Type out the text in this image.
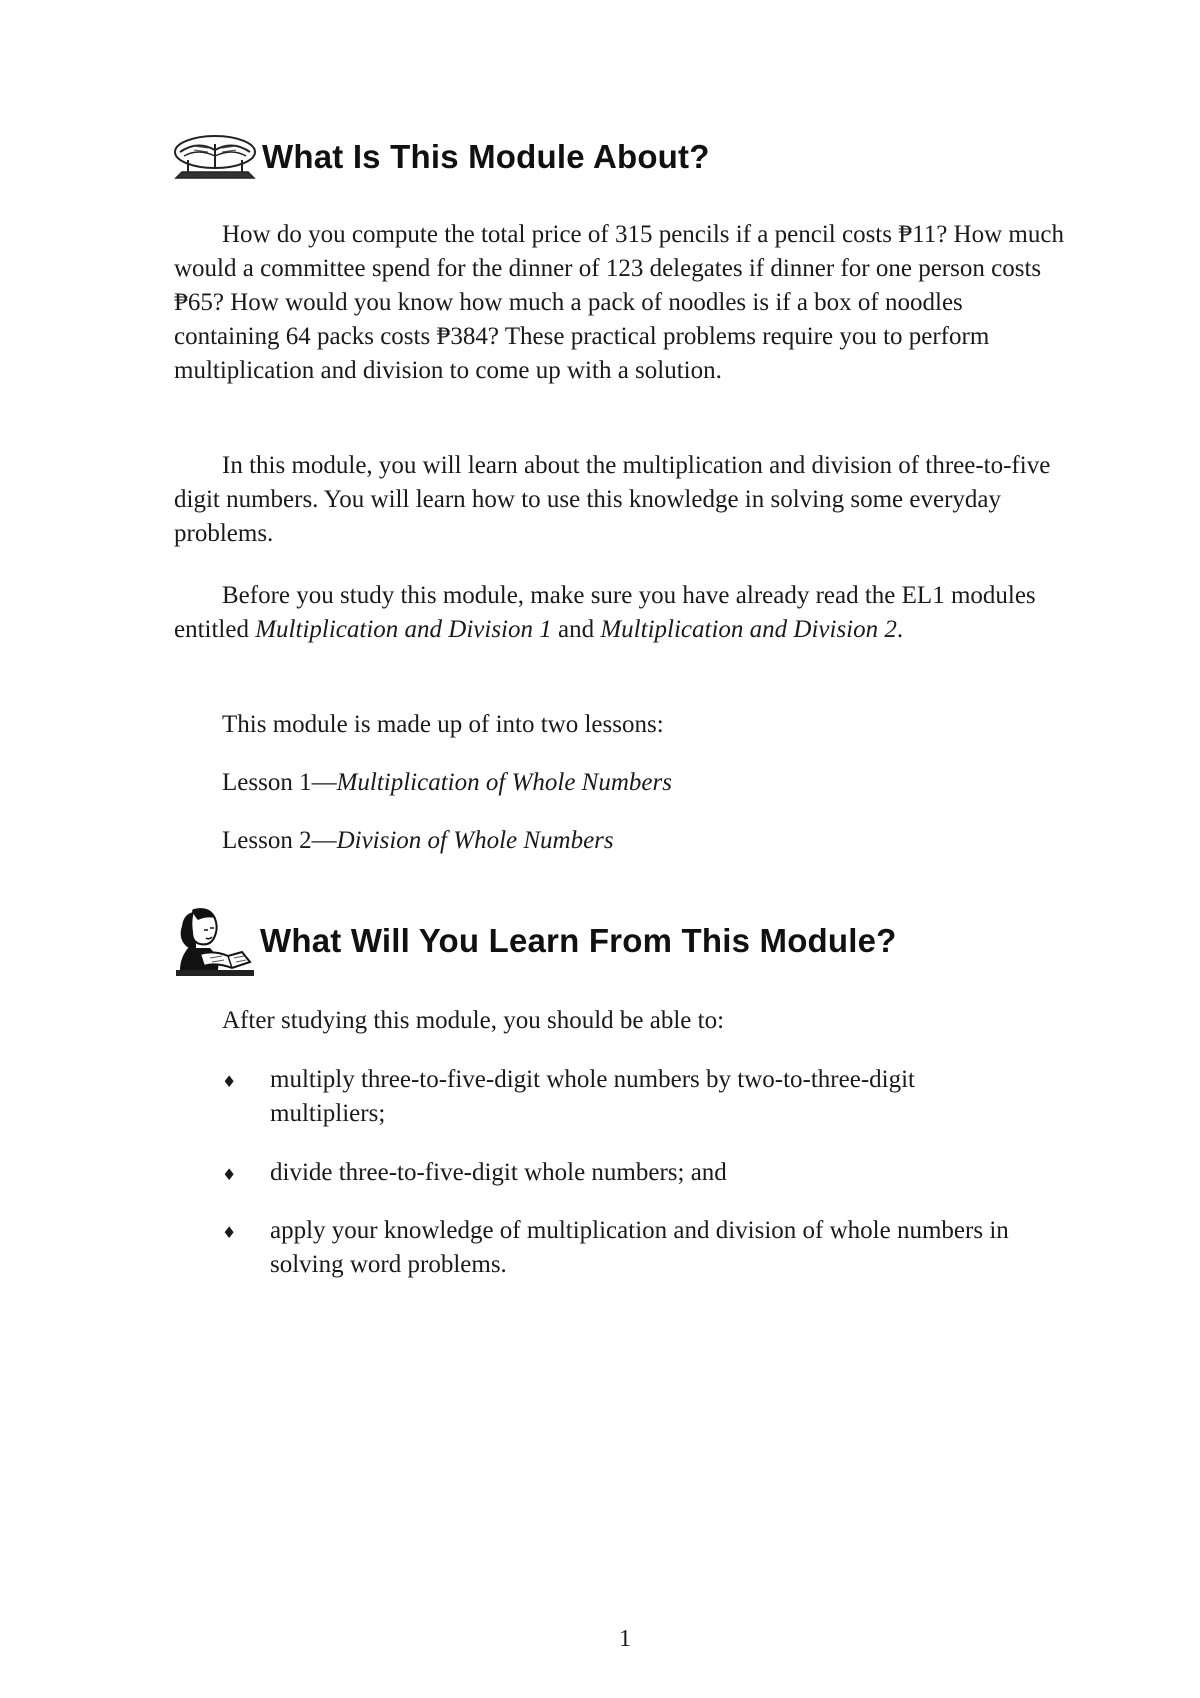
What Is This Module About?

How do you compute the total price of 315 pencils if a pencil costs ₱11? How much would a committee spend for the dinner of 123 delegates if dinner for one person costs ₱65? How would you know how much a pack of noodles is if a box of noodles containing 64 packs costs ₱384? These practical problems require you to perform multiplication and division to come up with a solution.

In this module, you will learn about the multiplication and division of three-to-five digit numbers. You will learn how to use this knowledge in solving some everyday problems.

Before you study this module, make sure you have already read the EL1 modules entitled Multiplication and Division 1 and Multiplication and Division 2.

This module is made up of into two lessons:

Lesson 1—Multiplication of Whole Numbers

Lesson 2—Division of Whole Numbers

What Will You Learn From This Module?

After studying this module, you should be able to:

♦ multiply three-to-five-digit whole numbers by two-to-three-digit multipliers;
♦ divide three-to-five-digit whole numbers; and
♦ apply your knowledge of multiplication and division of whole numbers in solving word problems.
1
